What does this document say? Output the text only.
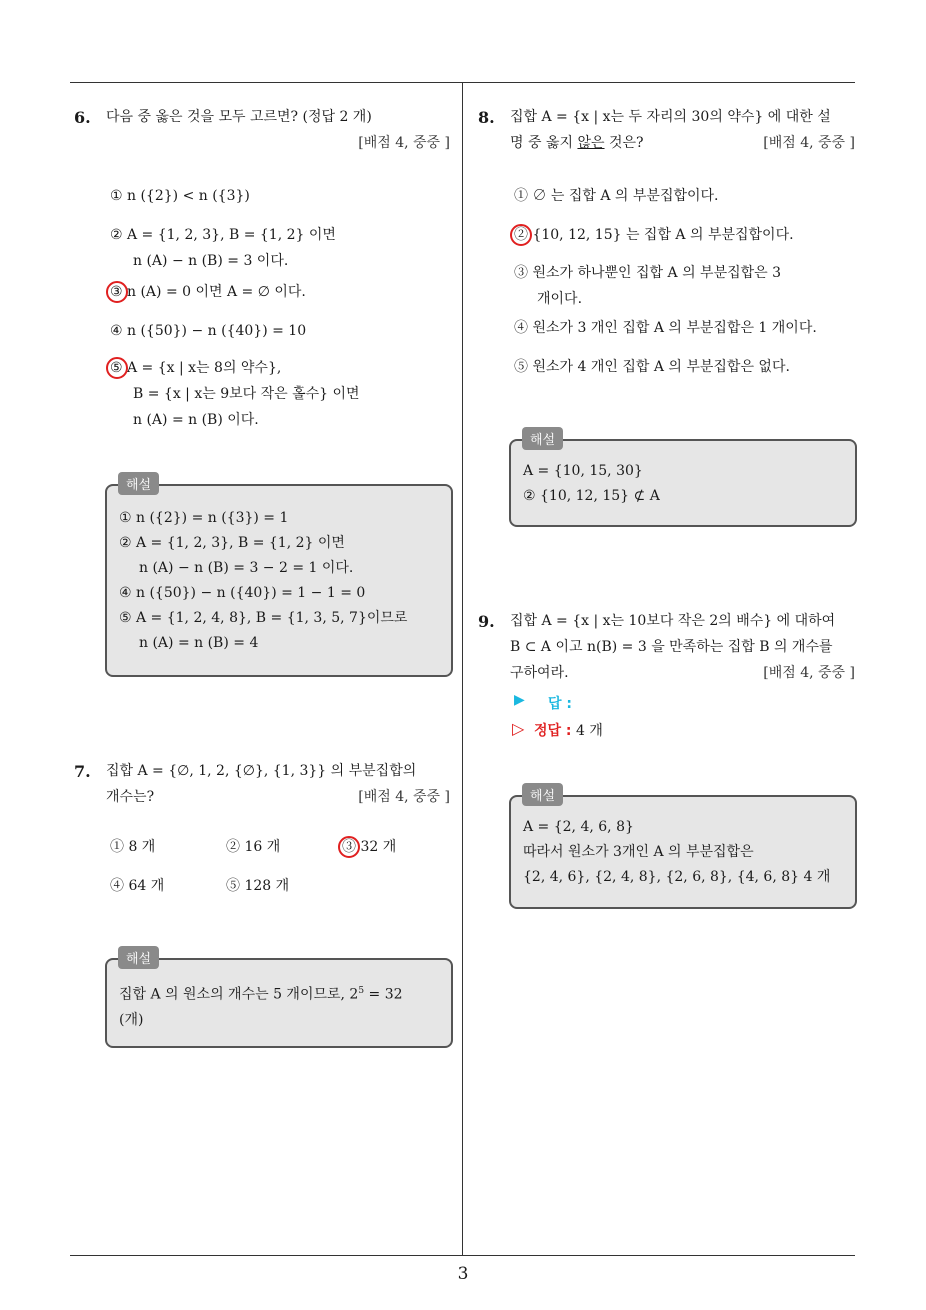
6. 다음 중 옳은 것을 모두 고르면? (정답 2 개)
[배점 4, 중중 ]
① n ({2}) < n ({3})
② A = {1, 2, 3}, B = {1, 2} 이면
n (A) − n (B) = 3 이다.
③ n (A) = 0 이면 A = ∅ 이다.
④ n ({50}) − n ({40}) = 10
⑤ A = {x | x는 8의 약수},
B = {x | x는 9보다 작은 홀수} 이면
n (A) = n (B) 이다.
① n ({2}) = n ({3}) = 1
② A = {1, 2, 3}, B = {1, 2} 이면
n (A) − n (B) = 3 − 2 = 1 이다.
④ n ({50}) − n ({40}) = 1 − 1 = 0
⑤ A = {1, 2, 4, 8}, B = {1, 3, 5, 7}이므로
n (A) = n (B) = 4
해설
7. 집합 A = {∅, 1, 2, {∅}, {1, 3}} 의 부분집합의
개수는?	[배점 4, 중중 ]
① 8 개	② 16 개	③ 32 개
④ 64 개	⑤ 128 개
집합 A 의 원소의 개수는 5 개이므로, $2^5 = 32$
(개)
해설
8. 집합 A = {x | x는 두 자리의 30의 약수} 에 대한 설
명 중 옳지 않은 것은?	[배점 4, 중중 ]
① ∅ 는 집합 A 의 부분집합이다.
② {10, 12, 15} 는 집합 A 의 부분집합이다.
③ 원소가 하나뿐인 집합 A 의 부분집합은 3
개이다.
④ 원소가 3 개인 집합 A 의 부분집합은 1 개이다.
⑤ 원소가 4 개인 집합 A 의 부분집합은 없다.
A = {10, 15, 30}
② {10, 12, 15} ⊄ A
해설
9. 집합 A = {x | x는 10보다 작은 2의 배수} 에 대하여
B ⊂ A 이고 n(B) = 3 을 만족하는 집합 B 의 개수를
구하여라.	[배점 4, 중중 ]
▶ 답 :
▷ 정답 : 4 개
A = {2, 4, 6, 8}
따라서 원소가 3개인 A 의 부분집합은
{2, 4, 6}, {2, 4, 8}, {2, 6, 8}, {4, 6, 8} 4 개
해설
3
